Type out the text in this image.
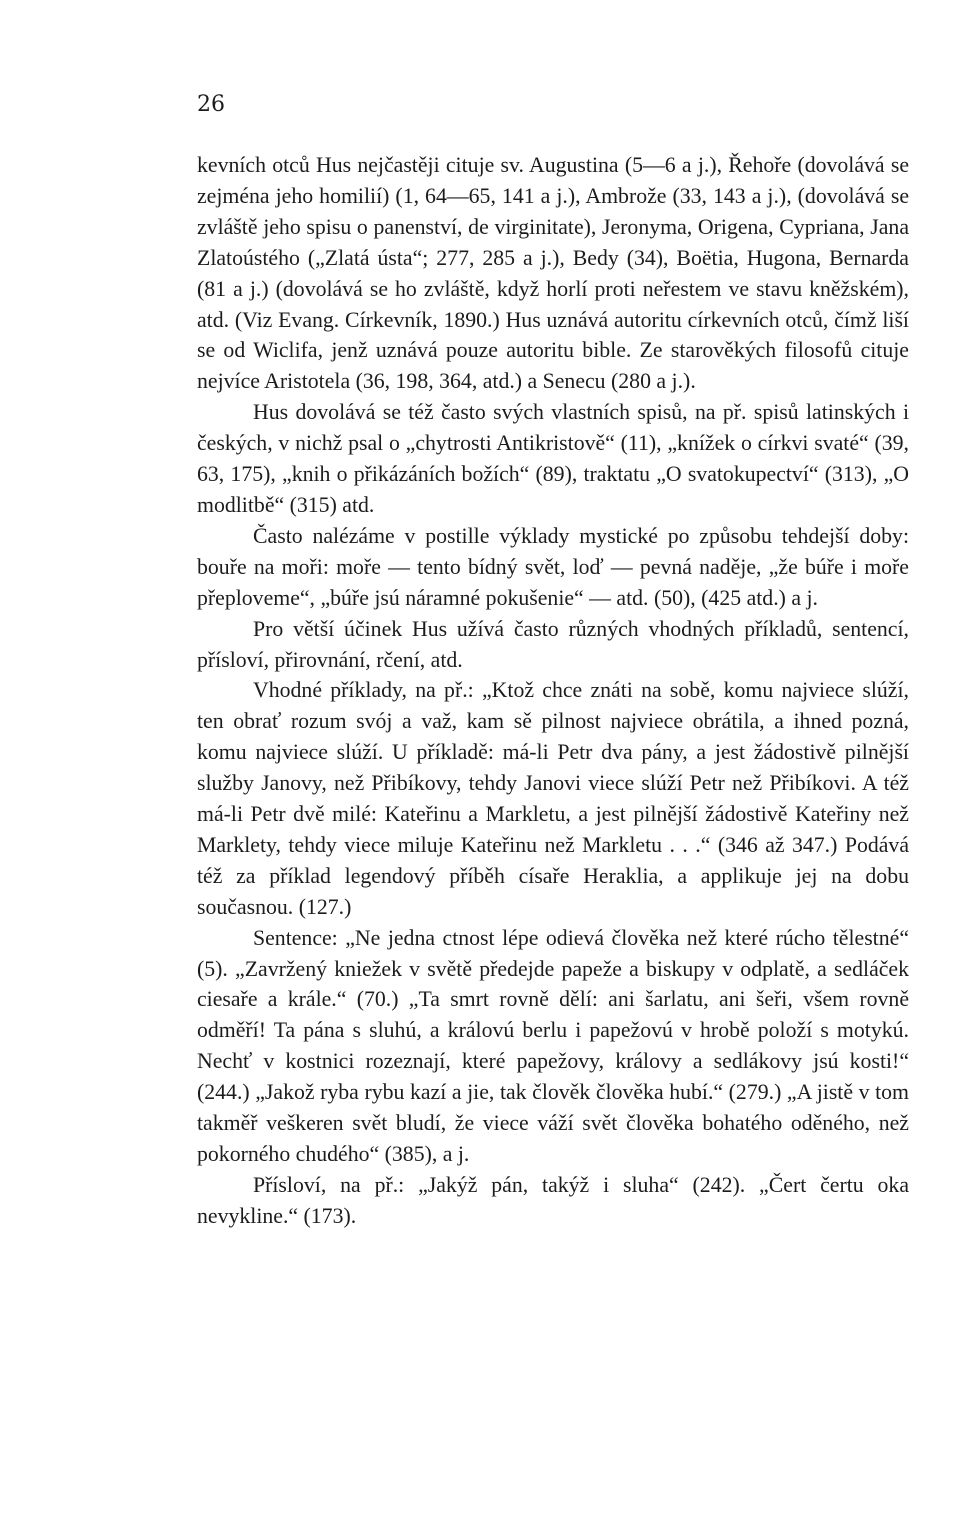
26

kevních otců Hus nejčastěji cituje sv. Augustina (5—6 a j.), Řehoře (dovolává se zejména jeho homilií) (1, 64—65, 141 a j.), Ambrože (33, 143 a j.), (dovolává se zvláště jeho spisu o panenství, de virginitate), Jeronyma, Origena, Cypriana, Jana Zlatoústého („Zlatá ústa“; 277, 285 a j.), Bedy (34), Boëtia, Hugona, Bernarda (81 a j.) (dovolává se ho zvláště, když horlí proti neřestem ve stavu kněžském), atd. (Viz Evang. Církevník, 1890.) Hus uznává autoritu církevních otců, čímž liší se od Wiclifa, jenž uznává pouze autoritu bible. Ze starověkých filosofů cituje nejvíce Aristotela (36, 198, 364, atd.) a Senecu (280 a j.).

Hus dovolává se též často svých vlastních spisů, na př. spisů latinských i českých, v nichž psal o „chytrosti Antikristově“ (11), „knížek o církvi svaté“ (39, 63, 175), „knih o přikázáních božích“ (89), traktatu „O svatokupectví“ (313), „O modlitbě“ (315) atd.

Často nalézáme v postille výklady mystické po způsobu tehdejší doby: bouře na moři: moře — tento bídný svět, loď — pevná naděje, „že búře i moře přeploveme“, „búře jsú náramné pokušenie“ — atd. (50), (425 atd.) a j.

Pro větší účinek Hus užívá často různých vhodných příkladů, sentencí, přísloví, přirovnání, rčení, atd.

Vhodné příklady, na př.: „Ktož chce znáti na sobě, komu najviece slúží, ten obrať rozum svój a važ, kam sě pilnost najviece obrátila, a ihned pozná, komu najviece slúží. U příkladě: má-li Petr dva pány, a jest žádostivě pilnější služby Janovy, než Přibíkovy, tehdy Janovi viece slúží Petr než Přibíkovi. A též má-li Petr dvě milé: Kateřinu a Markletu, a jest pilnější žádostivě Kateřiny než Marklety, tehdy viece miluje Kateřinu než Markletu . . .“ (346 až 347.) Podává též za příklad legendový příběh císaře Heraklia, a applikuje jej na dobu současnou. (127.)

Sentence: „Ne jedna ctnost lépe odievá člověka než které rúcho tělestné“ (5). „Zavržený kniežek v světě předejde papeže a biskupy v odplatě, a sedláček ciesaře a krále.“ (70.) „Ta smrt rovně dělí: ani šarlatu, ani šeři, všem rovně odměří! Ta pána s sluhú, a královú berlu i papežovú v hrobě položí s motykú. Nechť v kostnici rozeznají, které papežovy, královy a sedlákovy jsú kosti!“ (244.) „Jakož ryba rybu kazí a jie, tak člověk člověka hubí.“ (279.) „A jistě v tom takměř veškeren svět bludí, že viece váží svět člověka bohatého oděného, než pokorného chudého“ (385), a j.

Přísloví, na př.: „Jakýž pán, takýž i sluha“ (242). „Čert čertu oka nevykline.“ (173).
